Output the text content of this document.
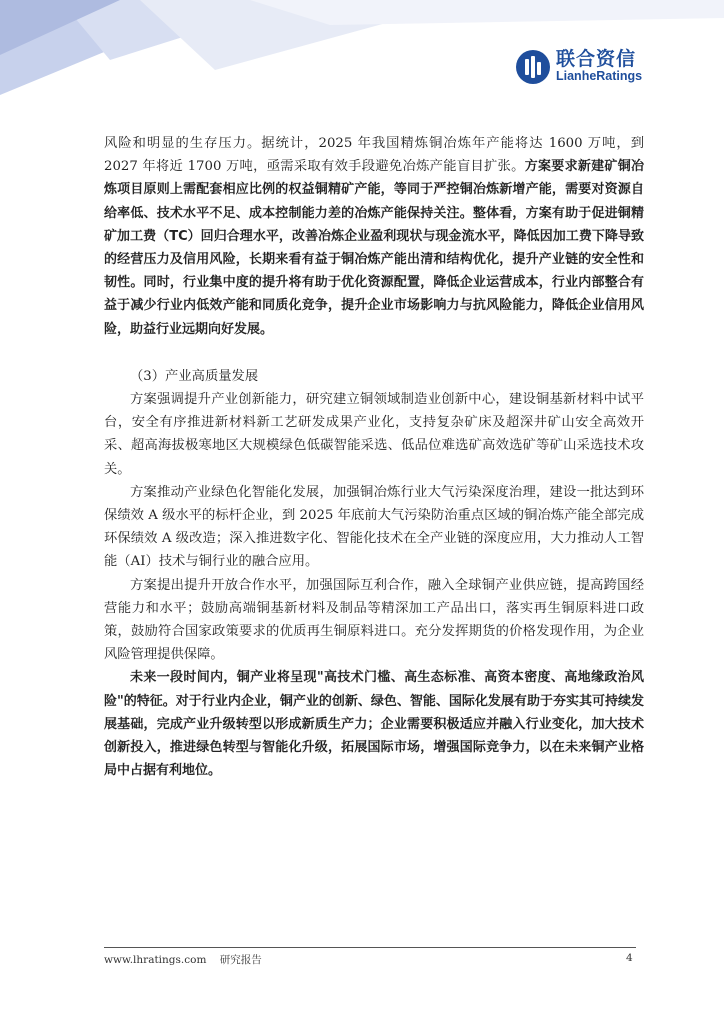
联合资信
LianheRatings

风险和明显的生存压力。据统计，2025 年我国精炼铜冶炼年产能将达 1600 万吨，到 2027 年将近 1700 万吨，亟需采取有效手段避免冶炼产能盲目扩张。方案要求新建矿铜冶炼项目原则上需配套相应比例的权益铜精矿产能，等同于严控铜冶炼新增产能，需要对资源自给率低、技术水平不足、成本控制能力差的冶炼产能保持关注。整体看，方案有助于促进铜精矿加工费（TC）回归合理水平，改善冶炼企业盈利现状与现金流水平，降低因加工费下降导致的经营压力及信用风险，长期来看有益于铜冶炼产能出清和结构优化，提升产业链的安全性和韧性。同时，行业集中度的提升将有助于优化资源配置，降低企业运营成本，行业内部整合有益于减少行业内低效产能和同质化竞争，提升企业市场影响力与抗风险能力，降低企业信用风险，助益行业远期向好发展。

（3）产业高质量发展

方案强调提升产业创新能力，研究建立铜领域制造业创新中心，建设铜基新材料中试平台，安全有序推进新材料新工艺研发成果产业化，支持复杂矿床及超深井矿山安全高效开采、超高海拔极寒地区大规模绿色低碳智能采选、低品位难选矿高效选矿等矿山采选技术攻关。

方案推动产业绿色化智能化发展，加强铜冶炼行业大气污染深度治理，建设一批达到环保绩效 A 级水平的标杆企业，到 2025 年底前大气污染防治重点区域的铜冶炼产能全部完成环保绩效 A 级改造；深入推进数字化、智能化技术在全产业链的深度应用，大力推动人工智能（AI）技术与铜行业的融合应用。

方案提出提升开放合作水平，加强国际互利合作，融入全球铜产业供应链，提高跨国经营能力和水平；鼓励高端铜基新材料及制品等精深加工产品出口，落实再生铜原料进口政策，鼓励符合国家政策要求的优质再生铜原料进口。充分发挥期货的价格发现作用，为企业风险管理提供保障。

未来一段时间内，铜产业将呈现"高技术门槛、高生态标准、高资本密度、高地缘政治风险"的特征。对于行业内企业，铜产业的创新、绿色、智能、国际化发展有助于夯实其可持续发展基础，完成产业升级转型以形成新质生产力；企业需要积极适应并融入行业变化，加大技术创新投入，推进绿色转型与智能化升级，拓展国际市场，增强国际竞争力，以在未来铜产业格局中占据有利地位。

www.lhratings.com 研究报告	4
